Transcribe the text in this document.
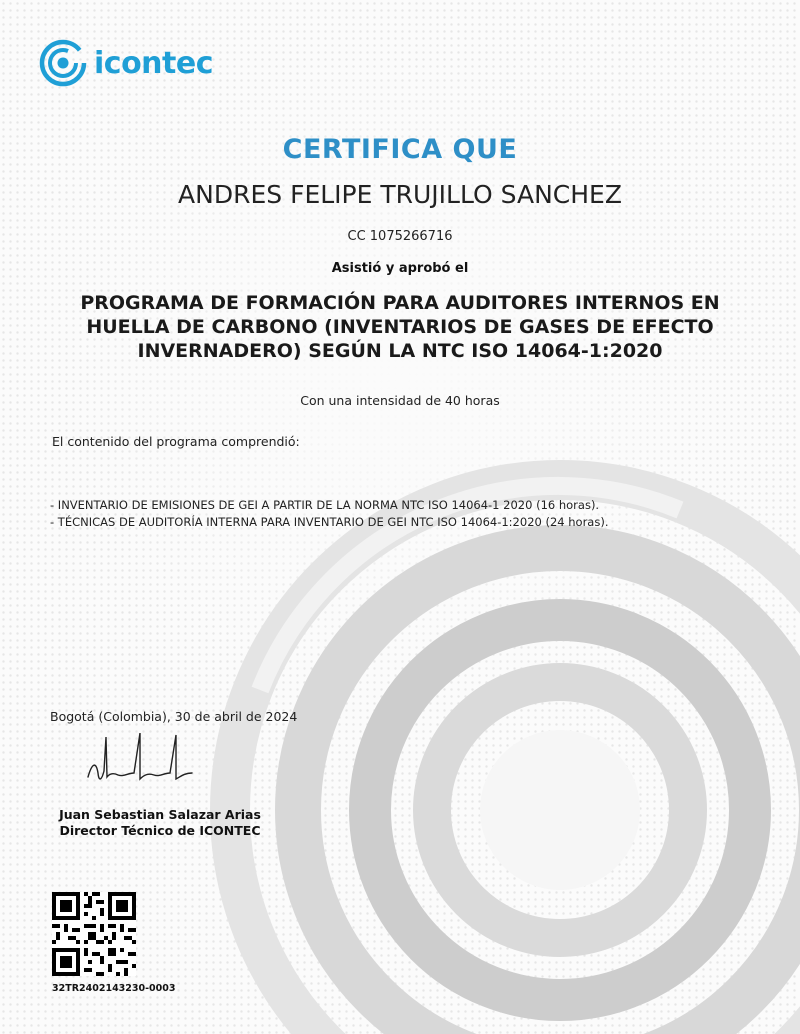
icontec
CERTIFICA QUE
ANDRES FELIPE TRUJILLO SANCHEZ
CC 1075266716
Asistió y aprobó el
PROGRAMA DE FORMACIÓN PARA AUDITORES INTERNOS EN
HUELLA DE CARBONO (INVENTARIOS DE GASES DE EFECTO
INVERNADERO) SEGÚN LA NTC ISO 14064-1:2020
Con una intensidad de 40 horas
El contenido del programa comprendió:
- INVENTARIO DE EMISIONES DE GEI A PARTIR DE LA NORMA NTC ISO 14064-1 2020 (16 horas).
- TÉCNICAS DE AUDITORÍA INTERNA PARA INVENTARIO DE GEI NTC ISO 14064-1:2020 (24 horas).
Bogotá (Colombia), 30 de abril de 2024
Juan Sebastian Salazar Arias
Director Técnico de ICONTEC
32TR2402143230-0003
